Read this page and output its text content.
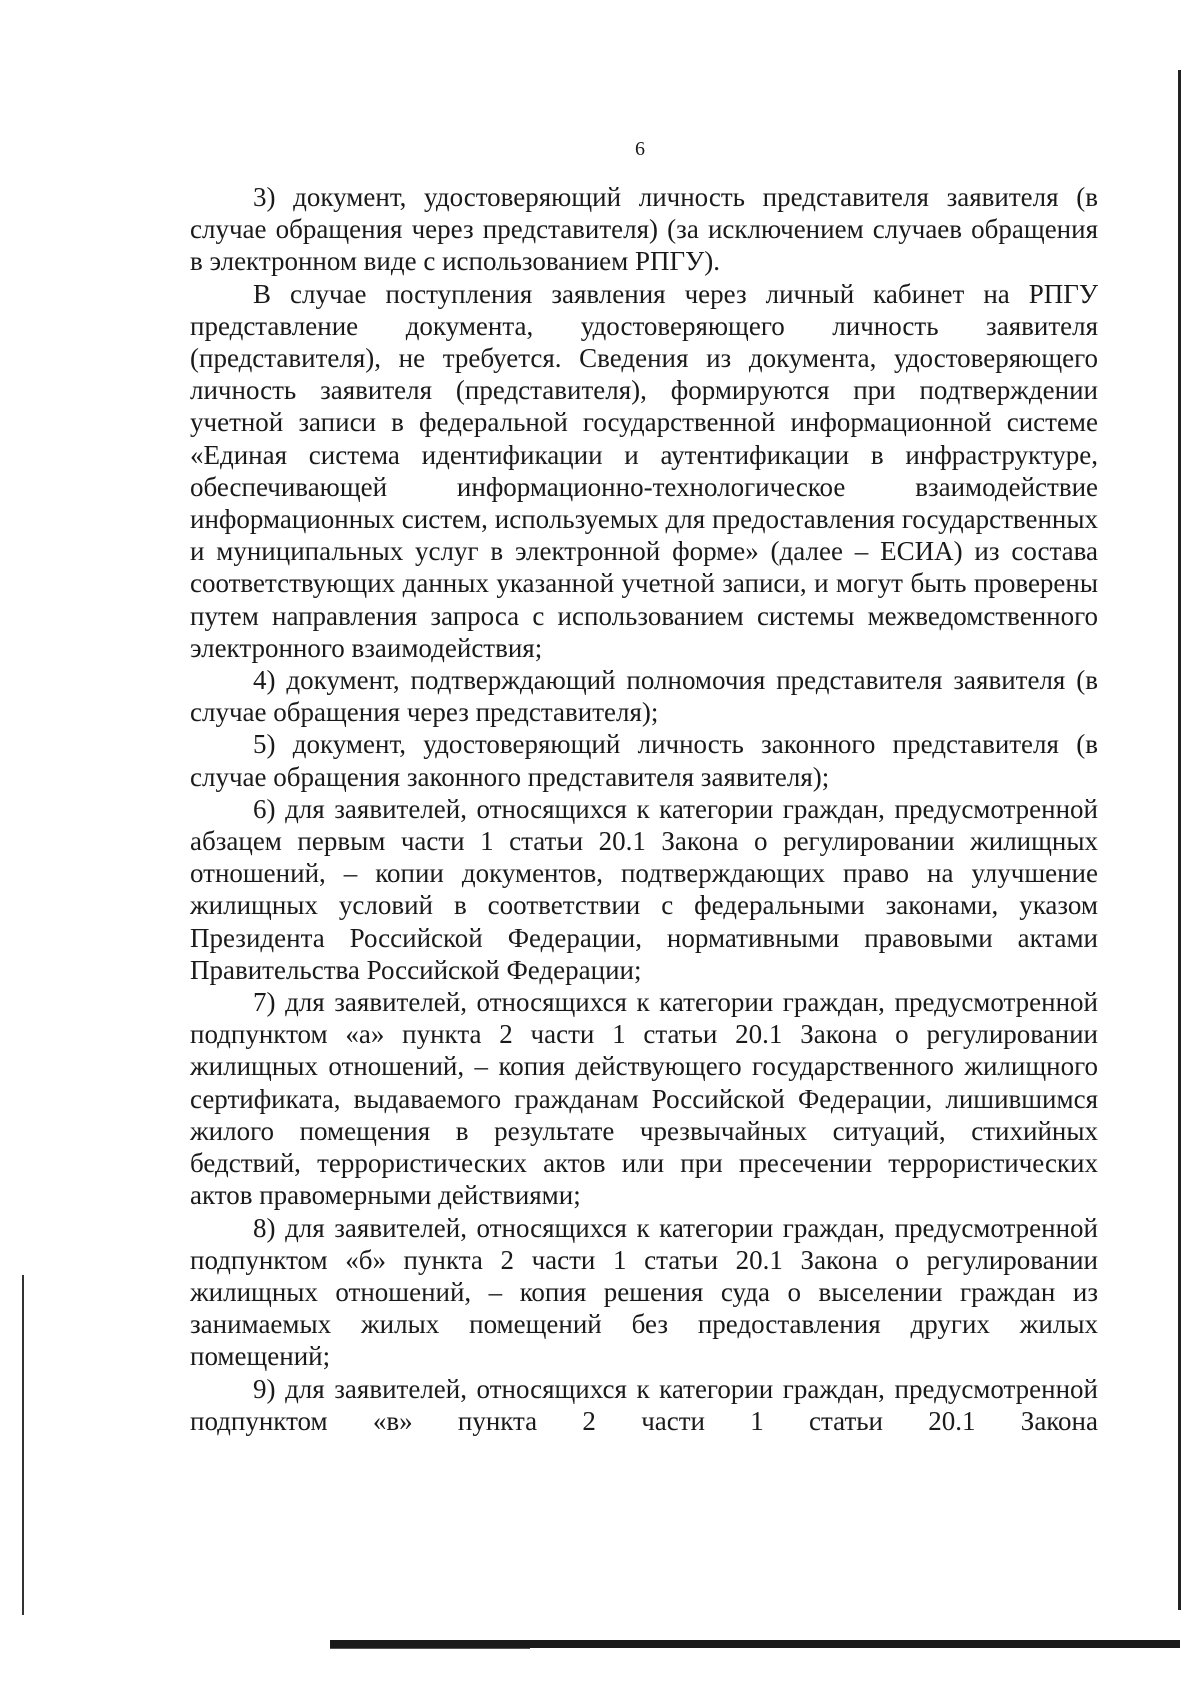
6

3) документ, удостоверяющий личность представителя заявителя (в случае обращения через представителя) (за исключением случаев обращения в электронном виде с использованием РПГУ).

В случае поступления заявления через личный кабинет на РПГУ представление документа, удостоверяющего личность заявителя (представителя), не требуется. Сведения из документа, удостоверяющего личность заявителя (представителя), формируются при подтверждении учетной записи в федеральной государственной информационной системе «Единая система идентификации и аутентификации в инфраструктуре, обеспечивающей информационно-технологическое взаимодействие информационных систем, используемых для предоставления государственных и муниципальных услуг в электронной форме» (далее – ЕСИА) из состава соответствующих данных указанной учетной записи, и могут быть проверены путем направления запроса с использованием системы межведомственного электронного взаимодействия;

4) документ, подтверждающий полномочия представителя заявителя (в случае обращения через представителя);

5) документ, удостоверяющий личность законного представителя (в случае обращения законного представителя заявителя);

6) для заявителей, относящихся к категории граждан, предусмотренной абзацем первым части 1 статьи 20.1 Закона о регулировании жилищных отношений, – копии документов, подтверждающих право на улучшение жилищных условий в соответствии с федеральными законами, указом Президента Российской Федерации, нормативными правовыми актами Правительства Российской Федерации;

7) для заявителей, относящихся к категории граждан, предусмотренной подпунктом «а» пункта 2 части 1 статьи 20.1 Закона о регулировании жилищных отношений, – копия действующего государственного жилищного сертификата, выдаваемого гражданам Российской Федерации, лишившимся жилого помещения в результате чрезвычайных ситуаций, стихийных бедствий, террористических актов или при пресечении террористических актов правомерными действиями;

8) для заявителей, относящихся к категории граждан, предусмотренной подпунктом «б» пункта 2 части 1 статьи 20.1 Закона о регулировании жилищных отношений, – копия решения суда о выселении граждан из занимаемых жилых помещений без предоставления других жилых помещений;

9) для заявителей, относящихся к категории граждан, предусмотренной подпунктом «в» пункта 2 части 1 статьи 20.1 Закона
